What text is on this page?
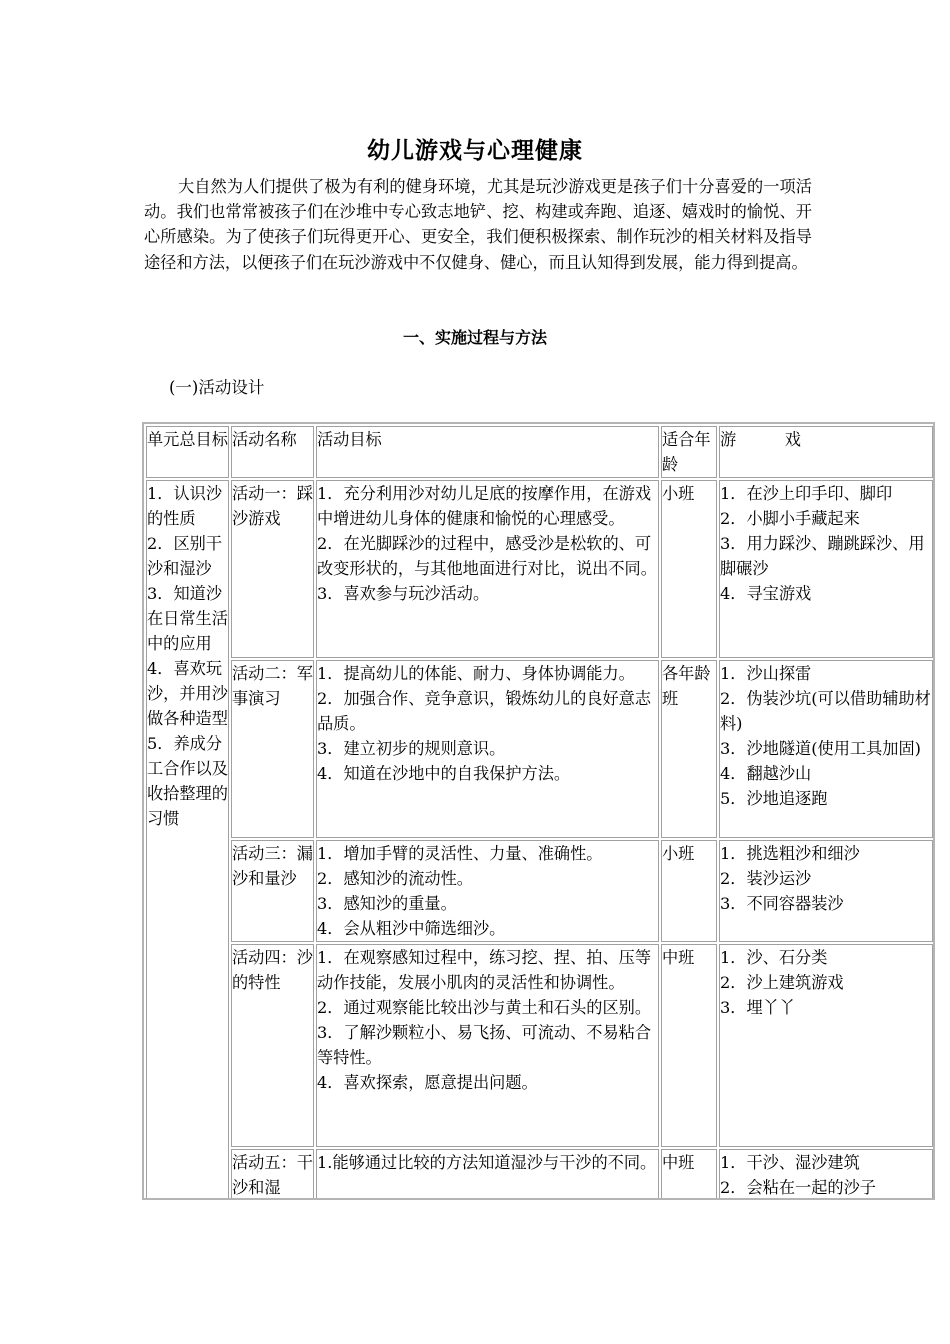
幼儿游戏与心理健康

大自然为人们提供了极为有利的健身环境，尤其是玩沙游戏更是孩子们十分喜爱的一项活动。我们也常常被孩子们在沙堆中专心致志地铲、挖、构建或奔跑、追逐、嬉戏时的愉悦、开心所感染。为了使孩子们玩得更开心、更安全，我们便积极探索、制作玩沙的相关材料及指导途径和方法，以便孩子们在玩沙游戏中不仅健身、健心，而且认知得到发展，能力得到提高。

一、实施过程与方法
(一)活动设计
单元总目标	活动名称	活动目标	适合年龄	游　　　戏

1．认识沙的性质
2．区别干沙和湿沙
3．知道沙在日常生活中的应用
4．喜欢玩沙，并用沙做各种造型
5．养成分工合作以及收拾整理的习惯	活动一：踩沙游戏	1．充分利用沙对幼儿足底的按摩作用，在游戏中增进幼儿身体的健康和愉悦的心理感受。
2．在光脚踩沙的过程中，感受沙是松软的、可改变形状的，与其他地面进行对比，说出不同。
3．喜欢参与玩沙活动。	小班	1．在沙上印手印、脚印
2．小脚小手藏起来
3．用力踩沙、蹦跳踩沙、用脚碾沙
4．寻宝游戏

	活动二：军事演习	1．提高幼儿的体能、耐力、身体协调能力。
2．加强合作、竞争意识，锻炼幼儿的良好意志品质。
3．建立初步的规则意识。
4．知道在沙地中的自我保护方法。	各年龄班	1．沙山探雷
2．伪装沙坑(可以借助辅助材料)
3．沙地隧道(使用工具加固)
4．翻越沙山
5．沙地追逐跑

	活动三：漏沙和量沙	1．增加手臂的灵活性、力量、准确性。
2．感知沙的流动性。
3．感知沙的重量。
4．会从粗沙中筛选细沙。	小班	1．挑选粗沙和细沙
2．装沙运沙
3．不同容器装沙

	活动四：沙的特性	1．在观察感知过程中，练习挖、捏、拍、压等动作技能，发展小肌肉的灵活性和协调性。
2．通过观察能比较出沙与黄土和石头的区别。
3．了解沙颗粒小、易飞扬、可流动、不易粘合等特性。
4．喜欢探索，愿意提出问题。	中班	1．沙、石分类
2．沙上建筑游戏
3．埋丫丫

	活动五：干沙和湿	1.能够通过比较的方法知道湿沙与干沙的不同。	中班	1．干沙、湿沙建筑
2．会粘在一起的沙子
